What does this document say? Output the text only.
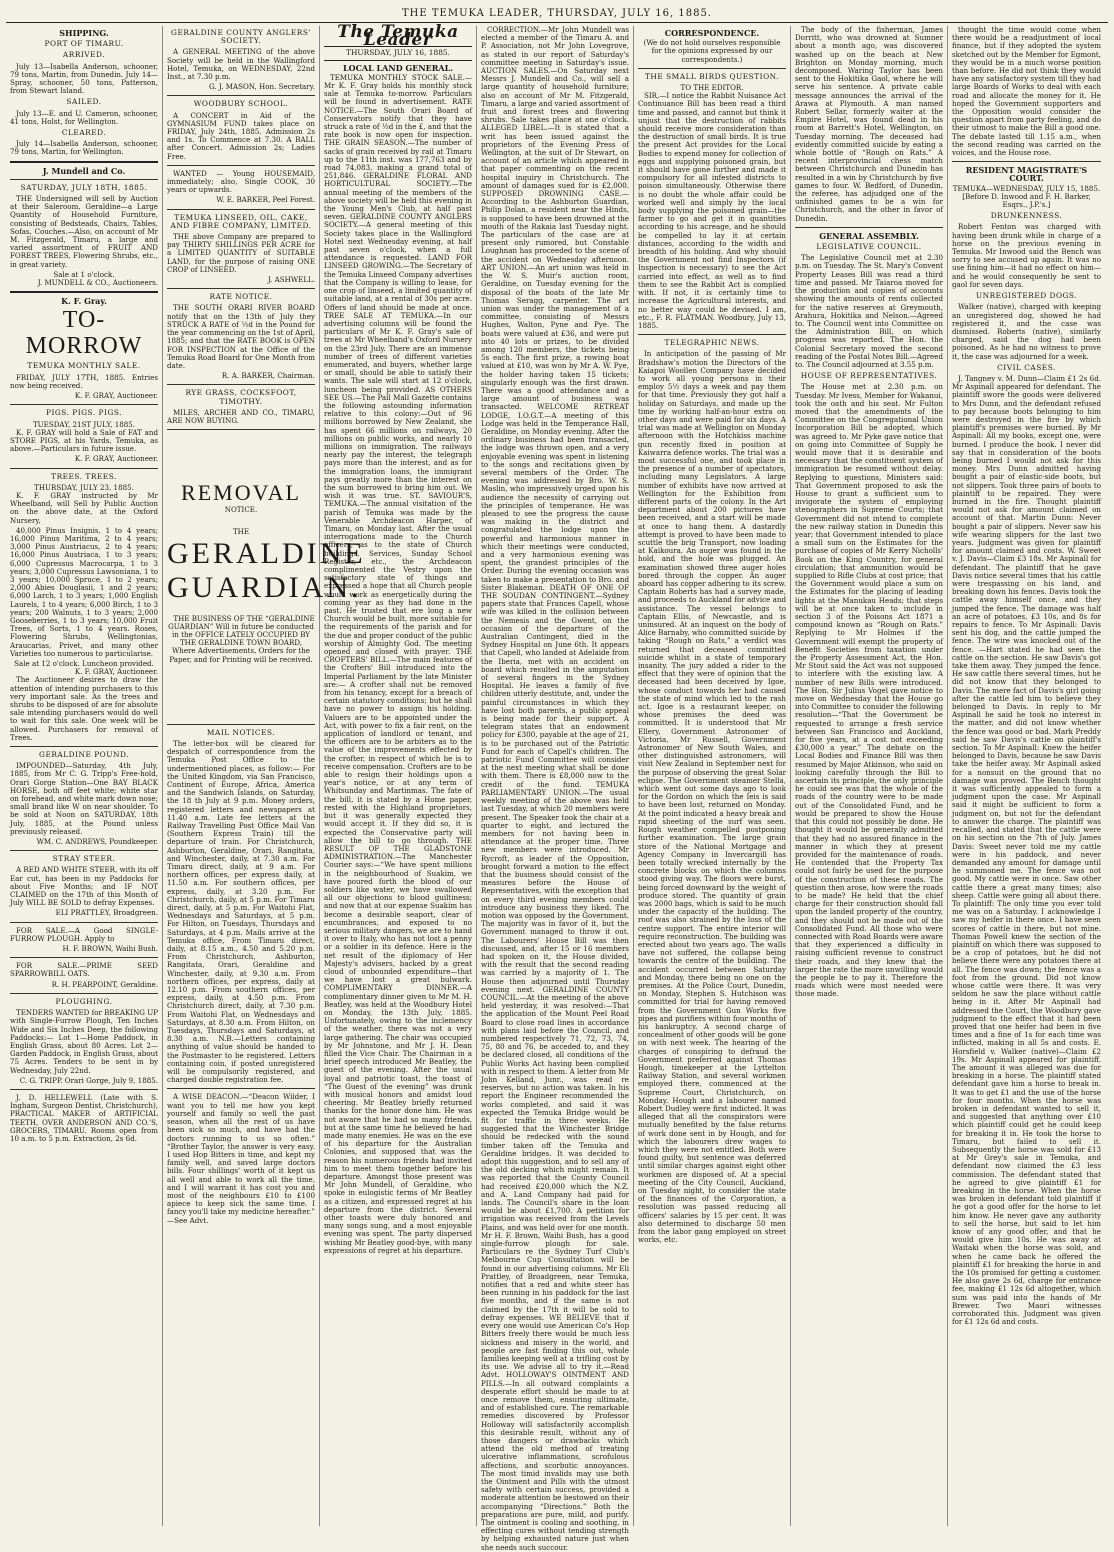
THE TEMUKA LEADER, THURSDAY, JULY 16, 1885.
SHIPPING.
PORT OF TIMARU.
ARRIVED.
July 13—Isabella Anderson, schooner, 79 tons, Martin, from Dunedin. July 14—Spray, schooner, 50 tons, Patterson, from Stewart Island.
SAILED.
July 13—E. and U. Cameron, schooner, 41 tons, Holst, for Wellington.
CLEARED.
July 14—Isabella Anderson, schooner, 79 tons, Martin, for Wellington.
J. Mundell and Co.
SATURDAY, JULY 18TH, 1885.
THE Undersigned will sell by Auction at their Saleroom, Geraldine—a Large Quantity of Household Furniture, consisting of Bedsteads, Chairs, Tables, Sofas, Couches.—Also, on account of Mr M. Fitzgerald, Timaru, a large and varied assortment of FRUIT AND FOREST TREES, Flowering Shrubs, etc., in great variety.
Sale at 1 o'clock.
J. MUNDELL & CO., Auctioneers.
K. F. Gray.
TO-MORROW
TEMUKA MONTHLY SALE.
FRIDAY, JULY 17TH, 1885. Entries now being received.
K. F. GRAY, Auctioneer.
PIGS. PIGS. PIGS.
TUESDAY, 21ST JULY, 1885.
K. F. GRAY will hold a Sale of FAT and STORE PIGS, at his Yards, Temuka, as above.—Particulars in future issue.
K. F. GRAY, Auctioneer.
TREES. TREES.
THURSDAY, JULY 23, 1885.
K. F. GRAY instructed by Mr Wheelband, will Sell by Public Auction on the above date, at the Oxford Nursery,
40,000 Pinus Insignis, 1 to 4 years; 16,000 Pinus Maritima, 2 to 4 years; 3,000 Pinus Austriacus, 2 to 4 years; 16,000 Pinus Austriaca, 1 to 3 years; 6,000 Cupressus Macrocarpa, 1 to 3 years; 3,000 Cupressus Lawsoniana, 1 to 3 years; 10,000 Spruce, 1 to 2 years; 2,000 Abies Douglasii, 1 and 2 years; 6,000 Larch, 1 to 3 years; 1,000 English Laurels, 1 to 4 years; 6,000 Birch, 1 to 3 years; 200 Walnuts, 1 to 3 years; 2,000 Gooseberries, 1 to 3 years; 10,000 Fruit Trees, of Sorts, 1 to 4 years. Roses, Flowering Shrubs, Wellingtonias, Araucarias, Privet, and many other Varieties too numerous to particularise.
Sale at 12 o'clock. Luncheon provided.
K. F. GRAY, Auctioneer.
The Auctioneer desires to draw the attention of intending purchasers to this very important sale. As the trees and shrubs to be disposed of are for absolute sale intending purchasers would do well to wait for this sale. One week will be allowed. Purchasers for removal of Trees.
GERALDINE POUND.
IMPOUNDED—Saturday, 4th July, 1885, from Mr C. G. Tripp's Free-hold, Orari Gorge Station—One BAY BLACK HORSE, both off feet white; white star on forehead, and white mark down nose; small brand like W on near shoulder. To be sold at Noon on SATURDAY, 18th July, 1885, at the Pound unless previously released.
WM. C. ANDREWS, Poundkeeper.
STRAY STEER.
A RED AND WHITE STEER, with its off Ear cut, has been in my Paddocks for about Five Months; and IF NOT CLAIMED on the 17th of this Month of July WILL BE SOLD to defray Expenses.
ELI PRATTLEY, Broadgreen.
FOR SALE.—A Good SINGLE-FURROW PLOUGH. Apply to
H. F. BROWN, Waihi Bush.
FOR SALE.—PRIME SEED SPARROWBILL OATS.
R. H. PEARPOINT, Geraldine.
PLOUGHING.
TENDERS WANTED for BREAKING UP with Single-Furrow Plough, Ten Inches Wide and Six Inches Deep, the following Paddocks:— Lot 1—Home Paddock, in English Grass, about 80 Acres. Lot 2—Garden Paddock, in English Grass, about 75 Acres. Tenders to be sent in by Wednesday, July 22nd.
C. G. TRIPP. Orari Gorge, July 9, 1885.
J. D. HELLEWELL (Late with S. Ingham, Surgeon Dentist, Christchurch), PRACTICAL MAKER of ARTIFICIAL TEETH, OVER ANDERSON AND CO.'S, GROCERS, TIMARU. Rooms open from 10 a.m. to 5 p.m. Extraction, 2s 6d.
GERALDINE COUNTY ANGLERS' SOCIETY.
A GENERAL MEETING of the above Society will be held in the Wallingford Hotel, Temuka, on WEDNESDAY, 22nd Inst., at 7.30 p.m.
G. J. MASON, Hon. Secretary.
WOODBURY SCHOOL.
A CONCERT in Aid of the GYMNASIUM FUND takes place on FRIDAY, July 24th, 1885. Admission 2s and 1s. To Commence at 7.30. A BALL after Concert. Admission 2s; Ladies Free.
WANTED — Young HOUSEMAID, immediately; also, Single COOK, 30 years or upwards.
W. E. BARKER, Peel Forest.
TEMUKA LINSEED, OIL, CAKE, AND FIBRE COMPANY, LIMITED.
THE above Company are prepared to pay THIRTY SHILLINGS PER ACRE for a LIMITED QUANTITY of SUITABLE LAND, for the purpose of raising ONE CROP of LINSEED.
J. ASHWELL.
RATE NOTICE.
THE SOUTH ORARI RIVER BOARD notify that on the 13th of July they STRUCK A RATE of ½d in the Pound for the year commencing on the 1st of April, 1885; and that the RATE BOOK is OPEN FOR INSPECTION at the Office of the Temuka Road Board for One Month from date.
R. A. BARKER, Chairman.
RYE GRASS, COCKSFOOT, TIMOTHY.
MILES, ARCHER AND CO., TIMARU, ARE NOW BUYING.
REMOVAL
NOTICE.
THE
GERALDINE
GUARDIAN.
THE BUSINESS OF THE “GERALDINE GUARDIAN” Will in future be conducted in the OFFICE LATELY OCCUPIED BY THE GERALDINE TOWN BOARD, Where Advertisements, Orders for the Paper, and for Printing will be received.
MAIL NOTICES.
The letter-box will be cleared for despatch of correspondence from the Temuka Post Office to the undermentioned places, as follow:— For the United Kingdom, via San Francisco, Continent of Europe, Africa, America and the Sandwich Islands, on Saturday, the 18 th July at 9 p.m. Money orders, registered letters and newspapers at 11.40 a.m. Late fee letters at the Railway Travelling Post Office Mail Van (Southern Express Train) till the departure of train. For Christchurch, Ashburton, Geraldine, Orari, Rangitata, and Winchester, daily, at 7.30 a.m. For Timaru direct, daily, at 9 a.m. For northern offices, per express daily, at 11.50 a.m. For southern offices, per express, daily, at 3.20 p.m. For Christchurch, daily, at 5 p.m. For Timaru direct, daily, at 5 p.m. For Waitohi Flat, Wednesdays and Saturdays, at 5 p.m. For Hilton, on Tuesdays, Thursdays and Saturdays, at 4 p.m. Mails arrive at the Temuka office, From Timaru direct, daily, at 8.15 a.m., 4.50 and 5.20 p.m. From Christchurch, Ashburton, Rangitata, Orari, Geraldine and Winchester, daily, at 9.30 a.m. From northern offices, per express, daily at 12.10 p.m. From southern offices, per express, daily, at 4.50 p.m. From Christchurch direct, daily, at 7.30 p.m. From Waitohi Flat, on Wednesdays and Saturdays, at 8.30 a.m. From Hilton, on Tuesdays, Thursdays and Saturdays, at 8.30 a.m. N.B.—Letters containing anything of value should be handed to the Postmaster to be registered. Letters containing coin, if posted unregistered will be compulsorily registered, and charged double registration fee.
A WISE DEACON.—“Deacon Wilder, I want you to tell me how you kept yourself and family so well the past season, when all the rest of us have been sick so much, and have had the doctors running to us so often.” “Brother Taylor, the answer is very easy. I used Hop Bitters in time, and kept my family well, and saved large doctors bills. Four shillings' worth of it kept us all well and able to work all the time, and I will warrant it has cost you and most of the neighbours £10 to £100 apiece to keep sick the same time. I fancy you'll take my medicine hereafter.” —See Advt.
The Temuka Leader
THURSDAY, JULY 16, 1885.
LOCAL LAND GENERAL.
TEMUKA MONTHLY STOCK SALE.—Mr K. F. Gray holds his monthly stock sale at Temuka to-morrow. Particulars will be found in advertisement. RATE NOTICE.—The South Orari Board of Conservators notify that they have struck a rate of ½d in the £, and that the rate book is now open for inspection. THE GRAIN SEASON.—The number of sacks of grain received by rail at Timaru up to the 11th inst. was 177,763 and by road 74,083, making a grand total of 251,846. GERALDINE FLORAL AND HORTICULTURAL SOCIETY.—The annual meeting of the members of the above society will be held this evening in the Young Men's Club, at half past seven. GERALDINE COUNTY ANGLERS SOCIETY.—A general meeting of this Society takes place in the Wallingford Hotel next Wednesday evening, at half past seven o'clock, when a full attendance is requested. LAND FOR LINSEED GROWING.—The Secretary of the Temuka Linseed Company advertises that the Company is willing to lease, for one crop of linseed, a limited quantity of suitable land, at a rental of 30s per acre. Offers of land should be made at once. TREE SALE AT TEMUKA.—In our advertising columns will be found the particulars of Mr K. F. Gray's sale of trees at Mr Wheelband's Oxford Nursery on the 23rd July. There are an immense number of trees of different varieties enumerated, and buyers, whether large or small, should be able to satisfy their wants. The sale will start at 12 o'clock, luncheon being provided. AS OTHERS SEE US.—The Pall Mall Gazette contains the following astounding information relative to this colony:—Out of 96 millions borrowed by New Zealand, she has spent 66 millions on railways, 20 millions on public works, and nearly 10 millions on immigration. The railways nearly pay the interest, the telegraph pays more than the interest, and as for the immigration loans, the immigrant pays greatly more than the interest on the sum borrowed to bring him out. We wish it was true. ST. SAVIOUR'S, TEMUKA.—The annual visitation of the parish of Temuka was made by the Venerable Archdeacon Harper, of Timaru, on Monday last. After the usual interrogations made to the Church officers, as to the state of Church buildings, Services, Sunday School Register, etc., the Archdeacon complimented the Vestry upon the satisfactory state of things and expressed a hope that all Church people would work as energetically during the coming year as they had done in the past. He trusted that ere long a new Church would be built, more suitable for the requirements of the parish and for the due and proper conduct of the public worship of Almighty God. The meeting opened and closed with prayer. THE CROFTERS' BILL.—The main features of the Crofters' Bill introduced into the Imperial Parliament by the late Minister are:— A crofter shall not be removed from his tenancy, except for a breach of certain statutory conditions; but he shall have no power to assign his holding. Valuers are to be appointed under the Act, with power to fix a fair rent, on the application of landlord or tenant, and the officers are to be arbiters as to the value of the improvements effected by the crofter, in respect of which he is to receive compensation. Crofters are to be able to resign their holdings upon a year's notice, or at any term of Whitsunday and Martinmas. The fate of the bill, it is stated by a Home paper, rested with the Highland proprietors, but it was generally expected they would accept it. If they did so, it is expected the Conservative party will allow the bill to go through. THE RESULT OF THE GLADSTONE ADMINISTRATION.—The Manchester Courier says:—“We have spent millions in the neighbourhood of Suakim, we have poured forth the blood of our soldiers like water, we have swallowed all our objections to blood guiltiness; and now that at our expense Suakim has become a desirable seaport, clear of encumbrances, and exposed to no serious military dangers, we are to hand it over to Italy, who has not lost a penny or a soldier in its defence. Here is the net result of the diplomacy of Her Majesty's advisers, backed by a great cloud of unbounded expenditure—that we have lost a great bulwark. COMPLIMENTARY DINNER.—A complimentary dinner given to Mr M. H. Beatley, was held at the Woodbury Hotel on Monday, the 13th July, 1885. Unfortunately, owing to the inclemency of the weather, there was not a very large gathering. The chair was occupied by Mr Johnstone, and Mr J. H. Dean filled the Vice Chair. The Chairman in a brief speech introduced Mr Beatley, the guest of the evening. After the usual loyal and patriotic toast, the toast of “The Guest of the evening” was drunk with musical honors and amidst loud cheering. Mr Beatley briefly returned thanks for the honor done him. He was not aware that he had so many friends, but at the same time he believed he had made many enemies. He was on the eve of his departure for the Australian Colonies, and supposed that was the reason his numerous friends had invited him to meet them together before his departure. Amongst those present was Mr John Mundell, of Geraldine, who spoke in eulogistic terms of Mr Beatley as a citizen, and expressed regret at his departure from the district. Several other toasts were duly honored and many songs sung, and a most enjoyable evening was spent. The party dispersed wishing Mr Beatley good-bye, with many expressions of regret at his departure.
CORRECTION.—Mr John Mundell was elected a member of the Timaru A. and P. Association, not Mr John Lovegrove, as stated in our report of Saturday's committee meeting in Saturday's issue. AUCTION SALES.—On Saturday next Messrs J. Mundell and Co., will sell a large quantity of household furniture; also on account of Mr M. Fitzgerald, Timaru, a large and varied assortment of fruit and forest trees and flowering shrubs. Sale takes place at one o'clock. ALLEGED LIBEL.—It is stated that a writ has been issued against the proprietors of the Evening Press of Wellington, at the suit of Dr Stewart, on account of an article which appeared in that paper commenting on the recent hospital inquiry in Christchurch. The amount of damages sued for is £2,000. SUPPOSED DROWNING CASE.—According to the Ashburton Guardian, Philip Dolan, a resident near the Hinds, is supposed to have been drowned at the mouth of the Rakaia last Tuesday night. The particulars of the case are at present only rumored, but Constable Loughnan has proceeded to the scene of the accident on Wednesday afternoon. ART UNION.—An art union was held in the W. S. Muir's auction room, Geraldine, on Tuesday evening for the disposal of the boats of the late Mr Thomas Seragg, carpenter. The art union was under the management of a committee, consisting of Messrs Hughes, Walton, Pyne and Pye. The boats were valued at £36, and were put into 40 lots or prizes, to be divided among 120 members, the tickets being 5s each. The first prize, a rowing boat valued at £10, was won by Mr A. W. Pye, the holder having taken 15 tickets; singularly enough was the first drawn. There was a good attendance and a large amount of business was transacted. WELCOME RETREAT LODGE, I.O.G.T.—A meeting of this Lodge was held in the Temperance Hall, Geraldine, on Monday evening. After the ordinary business had been transacted, the lodge was thrown open, and a very enjoyable evening was spent in listening to the songs and recitations given by several members of the Order. The evening was addressed by Bro. W. S. Maslin, who impressively urged upon his audience the necessity of carrying out the principles of temperance. He was pleased to see the progress the cause was making in the district and congratulated the lodge upon the powerful and harmonious manner in which their meetings were conducted, and a very harmonious evening was spent, the grandest principles of the Order. During the evening occasion was taken to make a presentation to Bro. and Sister Blakeman. DEATH OF ONE OF THE SOUDAN CONTINGENT.—Sydney papers state that Frances Capell, whose wife was killed in the collision between the Nemesis and the Gwent, on the occasion of the departure of the Australian Contingent, died in the Sydney Hospital on June 6th. It appears that Capell, who landed at Adelaide from the Iberia, met with an accident on board which resulted in the amputation of several fingers in the Sydney Hospital. He leaves a family of five children utterly destitute, and, under the painful circumstances in which they have lost both parents, a public appeal is being made for their support. A telegram states that an endowment policy for £300, payable at the age of 21, is to be purchased out of the Patriotic Fund for each of Capell's children. The patriotic Fund Committee will consider at the next meeting what shall be done with them. There is £8,000 now to the credit of the fund. TEMUKA PARLIAMENTARY UNION.—The usual weekly meeting of the above was held last Tuesday, at which 20 members were present. The Speaker took the chair at a quarter to eight, and lectured the members for not having been in attendance at the proper time. Three new members were introduced. Mr Rycroft, as leader of the Opposition, brought forward a motion to the effect that the business should consist of the measures before the House of Representatives, with the exception that on every third evening members could introduce any business they liked. The motion was opposed by the Government. The majority was in favor of it, but the Government managed to throw it out. The Labourers' House Bill was then discussed, and, after 15 or 16 members had spoken on it, the House divided, with the result that the second reading was carried by a majority of 1. The House then adjourned until Thursday evening next. GERALDINE COUNTY COUNCIL.—At the meeting of the above held yesterday, it was resolved:—That the application of the Mount Peel Road Board to close road lines in accordance with plans laid before the Council, and numbered respectively 71, 72, 73, 74, 75, 80 and 76, be acceded to, and they be declared closed, all conditions of the Public Works Act having been complied with in respect to them. A letter from Mr John Kelland, Junr., was read re reserves, but no action was taken. In his report the Engineer recommended the works completed, and said it was expected the Temuka Bridge would be fit for traffic in three weeks. He suggested that the Winchester Bridge should be redecked with the sound timber taken off the Temuka and Geraldine bridges. It was decided to adopt this suggestion, and to sell any of the old decking which might remain. It was reported that the County Council had received £20,000 which the N.Z. and A. Land Company had paid for lands. The Council's share in the loan would be about £1,700. A petition for irrigation was received from the Levels Plains, and was held over for one month. Mr H. F. Brown, Waihi Bush, has a good single-furrow plough for sale. Particulars re the Sydney Turf Club's Melbourne Cup Consultation will be found in our advertising columns. Mr Eli Prattley, of Broadgreen, near Temuka, notifies that a red and white steer has been running in his paddock for the last five months, and if the same is not claimed by the 17th it will be sold to defray expenses. WE BELIEVE that if every one would use American Co's Hop Bitters freely there would be much less sickness and misery in the world, and people are fast finding this out, whole families keeping well at a trifling cost by its use. We advise all to try it.—Read Advt. HOLLOWAY'S OINTMENT AND PILLS.—In all outward complaints a desperate effort should be made to at once remove them, ensuring ultimate, and of established cure. The remarkable remedies discovered by Professor Holloway will satisfactorily accomplish this desirable result, without any of those dangers or drawbacks which attend the old method of treating ulcerative inflammations, scrofulous affections, and scorbutic annoyances. The most timid invalids may use both the Ointment and Pills with the utmost safety with certain success, provided a moderate attention be bestowed on their accompanying “Directions.” Both the preparations are pure, mild, and purify. The ointment is cooling and soothing, in effecting cures without tending strength by helping exhausted nature just when she needs such succour.
CORRESPONDENCE.
(We do not hold ourselves responsible for the opinions expressed by our correspondents.)
THE SMALL BIRDS QUESTION.
TO THE EDITOR.
SIR,—I notice the Rabbit Nuisance Act Continuance Bill has been read a third time and passed, and cannot but think it unjust that the destruction of rabbits should receive more consideration than the destruction of small birds. It is true the present Act provides for the Local Bodies to expend money for collection of eggs and supplying poisoned grain, but it should have gone further and made it compulsory for all infested districts to poison simultaneously. Otherwise there is no doubt the whole affair could be worked well and simply by the local body supplying the poisoned grain—the farmer to go and get it in quantities according to his acreage, and he should be compelled to lay it at certain distances, according to the width and breadth of his holding. And why should the Government not find Inspectors (if Inspection is necessary) to see the Act carried into effect, as well as to find them to see the Rabbit Act is complied with. If not, it is certainly time to increase the Agricultural interests, and no better way could be devised. I am, etc., F. R. FLATMAN. Woodbury, July 13, 1885.
TELEGRAPHIC NEWS.
In anticipation of the passing of Mr Bradshaw's motion the Directors of the Kaiapoi Woollen Company have decided to work all young persons in their employ 5½ days a week and pay them for that time. Previously they got half a holiday on Saturdays, and made up the time by working half-an-hour extra on other days and were paid for six days. A trial was made at Wellington on Monday afternoon with the Hotchkiss machine gun recently fixed in position at Kaiwarra defence works. The trial was a most successful one, and took place in the presence of a number of spectators, including many Legislators. A large number of exhibits have now arrived at Wellington for the Exhibition from different parts of the colony. In the Art department about 200 pictures have been received, and a start will be made at once to hang them. A dastardly attempt is proved to have been made to scuttle the brig Transport, now loading at Kaikoura. An auger was found in the hold, and the hole was plugged. An examination showed three auger holes bored through the copper. An auger aboard has copper adhering to its screw. Captain Roberts has had a survey made, and proceeds to Auckland for advice and assistance. The vessel belongs to Captain Ellis, of Newcastle, and is uninsured. At an inquest on the body of Alice Barnaby, who committed suicide by taking “Rough on Rats,” a verdict was returned that deceased committed suicide whilst in a state of temporary insanity. The jury added a rider to the effect that they were of opinion that the deceased had been deceived by Igoe, whose conduct towards her had caused the state of mind which led to the rash act. Igoe is a restaurant keeper, on whose premises the deed was committed. It is understood that Mr Ellery, Government Astronomer of Victoria, Mr Russell, Government Astronomer of New South Wales, and other distinguished astronomers, will visit New Zealand in September next for the purpose of observing the great Solar eclipse. The Government steamer Stella, which went out some days ago to look for the Gordon on which the Ieis is said to have been lost, returned on Monday. At the point indicated a heavy break and rapid sheeting of the surf was seen. Rough weather compelled postponing further examination. The large grain store of the National Mortgage and Agency Company in Invercargill has been totally wrecked internally by the concrete blocks on which the columns stood giving way. The floors were burst, being forced downward by the weight of produce stored. The quantity of grain was 2000 bags, which is said to be much under the capacity of the building. The roof was also strained by the loss of the centre support. The entire interior will require reconstruction. The building was erected about two years ago. The walls have not suffered, the collapse being towards the centre of the building. The accident occurred between Saturday and Monday, there being no one on the premises. At the Police Court, Dunedin, on Monday, Stephen S. Hutchison was committed for trial for having removed from the Government Gun Works five pipes and purifiers within four months of his bankruptcy. A second charge of concealment of other goods will be gone on with next week. The hearing of the charges of conspiring to defraud the Government preferred against Thomas Hough, timekeeper at the Lyttelton Railway Station, and several workmen employed there, commenced at the Supreme Court, Christchurch, on Monday. Hough and a labourer named Robert Dudley were first indicted. It was alleged that all the conspirators were mutually benefited by the false returns of work done sent in by Hough, and for which the labourers drew wages to which they were not entitled. Both were found guilty, but sentence was deferred until similar charges against eight other workmen are disposed of. At a special meeting of the City Council, Auckland, on Tuesday night, to consider the state of the finances of the Corporation, a resolution was passed reducing all officers' salaries by 15 per cent. It was also determined to discharge 50 men from the labor gang employed on street works, etc.
The body of the fisherman, James Dorritt, who was drowned at Sumner about a month ago, was discovered washed up on the beach at New Brighton on Monday morning, much decomposed. Waring Taylor has been sent to the Hokitika Gaol, where he will serve his sentence. A private cable message announces the arrival of the Arawa at Plymouth. A man named Robert Sellar, formerly waiter at the Empire Hotel, was found dead in his room at Barrett's Hotel, Wellington, on Tuesday morning. The deceased had evidently committed suicide by eating a whole bottle of “Rough on Rats.” A recent interprovincial chess match between Christchurch and Dunedin has resulted in a win by Christchurch by five games to four. W. Bedford, of Dunedin, the referee, has adjudged one of the unfinished games to be a win for Christchurch, and the other in favor of Dunedin.
GENERAL ASSEMBLY.
LEGISLATIVE COUNCIL.
The Legislative Council met at 2.30 p.m. on Tuesday. The St. Mary's Convent Property Leases Bill was read a third time and passed. Mr Taiaroa moved for the production and copies of accounts showing the amounts of rents collected for the native reserves at Greymouth, Arahura, Hokitika and Nelson.—Agreed to. The Council went into Committee on the Administration Bill, on which progress was reported. The Hon. the Colonial Secretary moved the second reading of the Postal Notes Bill.—Agreed to. The Council adjourned at 3.55 p.m.
HOUSE OF REPRESENTATIVES.
The House met at 2.30 p.m. on Tuesday. Mr Ivess, Member for Wakanui, took the oath and his seat. Mr Fulton moved that the amendments of the Committee on the Congregational Union Incorporation Bill be adopted, which was agreed to. Mr Pyke gave notice that on going into Committee of Supply he would move that it is desirable and necessary that the constituent system of immigration be resumed without delay. Replying to questions, Ministers said: That Government proposed to ask the House to grant a sufficient sum to invigorate the system of employing stenographers in Supreme Courts; that Government did not intend to complete the new railway station in Dunedin this year; that Government intended to place a small sum on the Estimates for the purchase of copies of Mr Kerry Nicholls' Book on the King Country, for general circulation; that ammunition would be supplied to Rifle Clubs at cost price; that the Government would place a sum on the Estimates for the placing of leading lights at the Manukau Heads; that steps will be at once taken to include in section 3 of the Poisons Act 1871 a compound known as “Rough on Rats.” Replying to Mr Holmes if the Government will exempt the property of Benefit Societies from taxation under the Property Assessment Act, the Hon. Mr Stout said the Act was not supposed to interfere with the existing law. A number of new Bills were introduced. The Hon. Sir Julius Vogel gave notice to move on Wednesday that the House go into Committee to consider the following resolution—“That the Government be requested to arrange a fresh service between San Francisco and Auckland, for five years, at a cost not exceeding £30,000 a year.” The debate on the Local Bodies and Finance Bill was then resumed by Major Atkinson, who said on looking carefully through the Bill to ascertain its principle, the only principle he could see was that the whole of the roads of the country were to be made out of the Consolidated Fund, and he would be prepared to show the House that this could not possibly be done. He thought it would be generally admitted that they had no assured finance in the manner in which they at present provided for the maintenance of roads. He contended that the Property Tax could not fairly be used for the purpose of the construction of these roads. The question then arose, how were the roads to be made? He held that the chief charge for their construction should fall upon the landed property of the country, and they should not be made out of the Consolidated Fund. All those who were connected with Road Boards were aware that they experienced a difficulty in raising sufficient revenue to construct their roads, and they knew that the larger the rate the more unwilling would the people be to pay it. Therefore the roads which were most needed were those made.
thought the time would come when there would be a readjustment of local finance, but if they adopted the system sketched out by the Member for Egmont, they would be in a much worse position than before. He did not think they would have any satisfactory system till they had large Boards of Works to deal with each road and allocate the money for it. He hoped the Government supporters and the Opposition would consider the question apart from party feeling, and do their utmost to make the Bill a good one. The debate lasted till 1.15 a.m., when the second reading was carried on the voices, and the House rose.
RESIDENT MAGISTRATE'S COURT.
TEMUKA—WEDNESDAY, JULY 15, 1885.
[Before D. Inwood and F. H. Barker, Esqrs., J.P.'s.]
DRUNKENNESS.
Robert Fenton was charged with having been drunk while in charge of a horse on the previous evening in Temuka. Mr Inwood said the Bench was sorry to see accused up again. It was no use fining him—it had no effect on him—and he would consequently be sent to gaol for seven days.
UNREGISTERED DOGS.
Walker (native), charged with keeping an unregistered dog, showed he had registered it, and the case was dismissed. Roberts (native), similarly charged, said the dog had been poisoned. As he had no witness to prove it, the case was adjourned for a week.
CIVIL CASES.
J. Tangney v. M. Dunn—Claim £1 2s 6d. Mr Aspinall appeared for defendant. The plaintiff swore the goods were delivered to Mrs Dunn, and the defendant refused to pay because boots belonging to him were destroyed in the fire by which plaintiff's premises were burned. By Mr Aspinall: All my books, except one, were burned. I produce the book. I never did say that in consideration of the boots being burned I would not ask for this money. Mrs Dunn admitted having bought a pair of elastic-side boots, but not slippers. Took three pairs of boots to plaintiff to be repaired. They were burned in the fire. Thought plaintiff would not ask for amount claimed on account of that. Martin Dunn: Never bought a pair of slippers. Never saw his wife wearing slippers for the last two years. Judgment was given for plaintiff for amount claimed and costs. W. Sweet v. J. Davis—Claim £3 18s. Mr Aspinall for defendant. The plaintiff that he gave Davis notice several times that his cattle were trespassing on his land, and breaking down his fences. Davis took the cattle away himself once, and they jumped the fence. The damage was half an acre of potatoes, £3 10s, and 8s for repairs to fence. To Mr Aspinall: Davis sent his dog, and the cattle jumped the fence. The wire was knocked out of the fence. —Hart stated he had seen the cattle on the section. He saw Davis's got take them away. They jumped the fence. He saw cattle there several times, but he did not know that they belonged to Davis. The mere fact of Davis's girl going after the cattle led him to believe they belonged to Davis. In reply to Mr Aspinall he said he took no interest in the matter, and did not know whether the fence was good or bad. Mark Preddy said he saw Davis's cattle on plaintiff's section. To Mr Aspinall: Knew the heifer belonged to Davis, because he saw Davis take the heifer away. Mr Aspinall asked for a nonsuit on the ground that no damage was proved. The Bench thought it was sufficiently appealed to form a judgment upon the case. Mr Aspinall said it might be sufficient to form a judgment on, but not for the defendant to answer the charge. The plaintiff was recalled, and stated that the cattle were on his section on the 7th of July. James Davis: Sweet never told me my cattle were in his paddock, and never demanded any amount for damage until he summoned me. The fence was not good. My cattle were in once. Saw other cattle there a great many times; also sheep. Cattle were going all about there. To plaintiff: The only time you ever told me was on a Saturday. I acknowledge I saw my heifer in there once. I have seen scores of cattle in there, but not mine. Thomas Powell knew the section of the plaintiff on which there was supposed to be a crop of potatoes, but he did not believe there were any potatoes there at all. The fence was down; the fence was a foot from the ground. Did not know whose cattle were there. It was very seldom he saw the place without cattle being in it. After Mr Aspinall had addressed the Court, the Woodbury gave judgment to the effect that it had been proved that one heifer had been in five times and a fine of 1s for each time was inflicted, making in all 5s and costs. E. Horsfield v. Walker (native)—Claim £2 19s. Mr Aspinall appeared for plaintiff. The amount it was alleged was due for breaking in a horse. The plaintiff stated defendant gave him a horse to break in. It was to get £1 and the use of the horse for four months. When the horse was broken in defendant wanted to sell it, and suggested that anything over £10 which plaintiff could get he could keep for breaking it in. He took the horse to Timaru, but failed to sell it. Subsequently the horse was sold for £13 at Mr Grey's sale in Temuka, and defendant now claimed the £3 less commission. The defendant stated that he agreed to give plaintiff £1 for breaking in the horse. When the horse was broken in defendant told plaintiff if he got a good offer for the horse to let him know. He never gave any authority to sell the horse, but said to let him know of any good offer, and that he would give him 10s. He was away at Waitaki when the horse was sold, and when he came back he offered the plaintiff £1 for breaking the horse in and the 10s promised for getting a customer. He also gave 2s 6d, charge for entrance fee, making £1 12s 6d altogether, which sum was paid into the hands of Mr Brewer. Two Maori witnesses corroborated this. Judgment was given for £1 12s 6d and costs.
